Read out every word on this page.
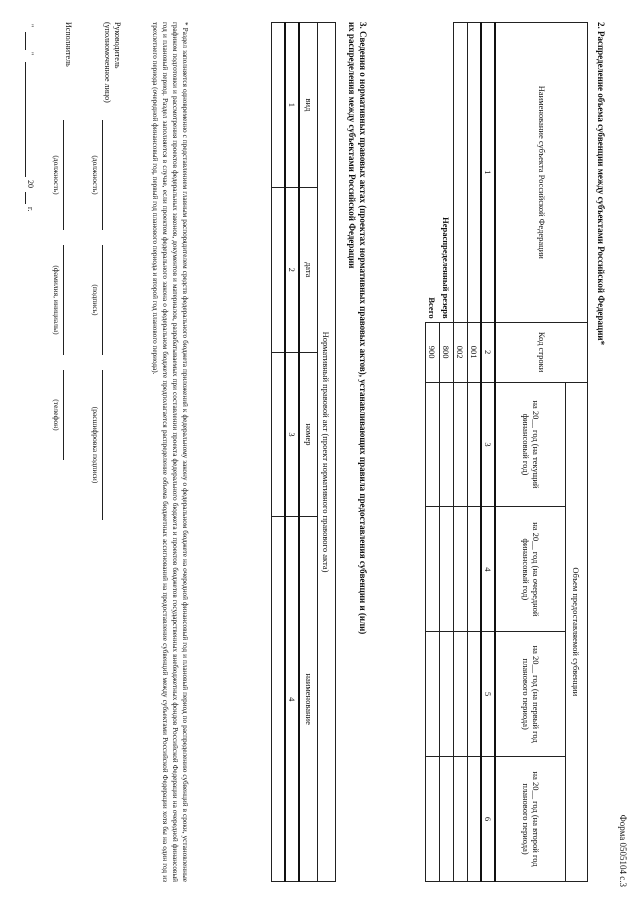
Форма 0505104 с.3
2. Распределение объема субвенции между субъектами Российской Федерации*
Наименование субъекта Российской Федерации	Код строки	Объем предоставляемой субвенции			
		на 20__ год (на текущий финансовый год)	на 20__ год (на очередной финансовый год)	на 20__ год (на первый год планового периода)	на 20__ год (на второй год планового периода)
1	2	3	4	5	6
	001				
	002				
Нераспределенный резерв	800				
Всего	900				
3. Сведения о нормативных правовых актах (проектах нормативных правовых актов), устанавливающих правила предоставления субвенции и (или) их распределения между субъектами Российской Федерации
Нормативный правовой акт (проект нормативного правового акта)			
вид	дата	номер	наименование
1	2	3	4

* Раздел заполняется одновременно с представлением главным распорядителем средств федерального бюджета приложений к федеральному закону о федеральном бюджете на очередной финансовый год и плановый период по распределению субвенций в сроки, установленные графиком подготовки и рассмотрения проектов федеральных законов, документов и материалов, разрабатываемых при составлении проекта федерального бюджета и проектов бюджетов государственных внебюджетных фондов Российской Федерации на очередной финансовый год и плановый период. Раздел заполняется в случае, если проектом федерального закона о федеральном бюджете предполагается распределение объема бюджетных ассигнований на предоставление субвенций между субъектами Российской Федерации хотя бы на один год из трехлетнего периода (очередной финансовый год, первый год планового периода и второй год планового периода).
Руководитель
(уполномоченное лицо)
(должность)
(подпись)
(расшифровка подписи)
Исполнитель
(должность)
(фамилия, инициалы)
(телефон)
"
"
20
г.
